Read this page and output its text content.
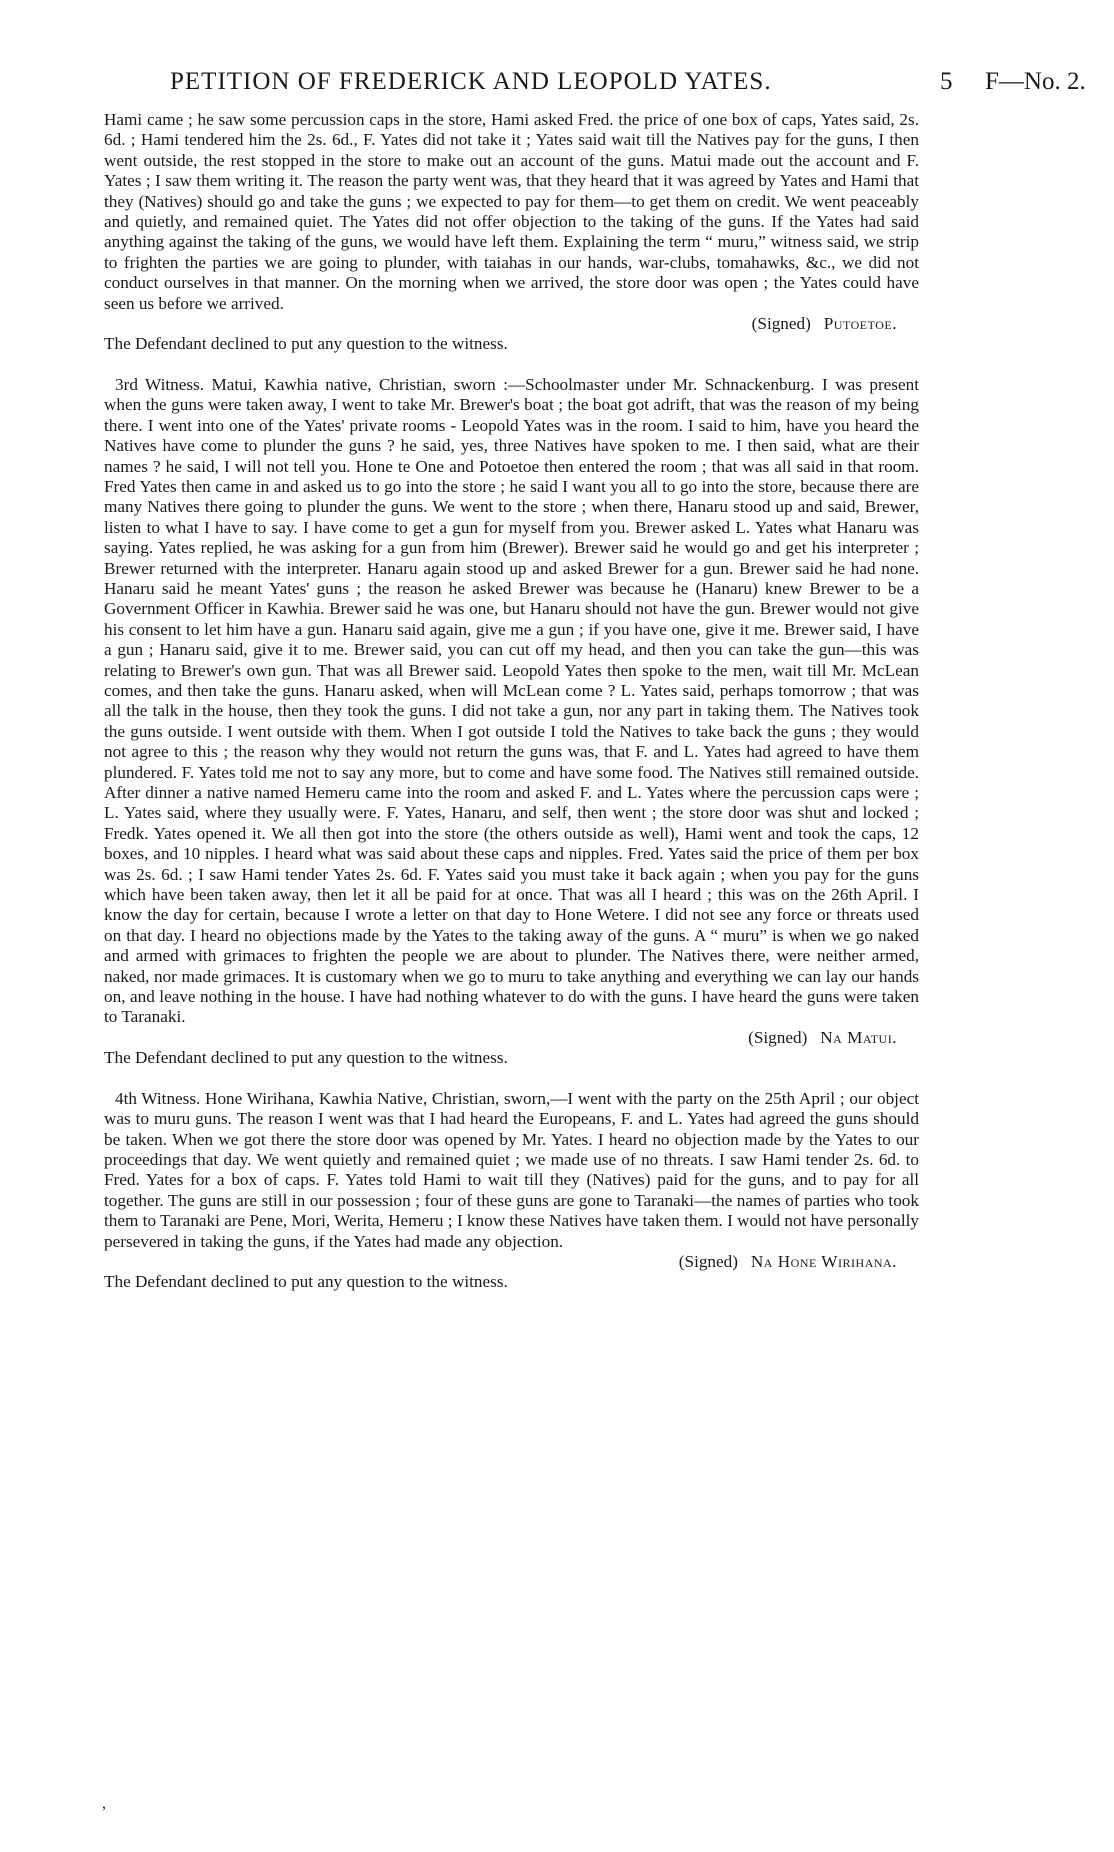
PETITION OF FREDERICK AND LEOPOLD YATES.	5 F—No. 2.

Hami came ; he saw some percussion caps in the store, Hami asked Fred. the price of one box of caps, Yates said, 2s. 6d. ; Hami tendered him the 2s. 6d., F. Yates did not take it ; Yates said wait till the Natives pay for the guns, I then went outside, the rest stopped in the store to make out an account of the guns. Matui made out the account and F. Yates ; I saw them writing it. The reason the party went was, that they heard that it was agreed by Yates and Hami that they (Natives) should go and take the guns ; we expected to pay for them—to get them on credit. We went peaceably and quietly, and remained quiet. The Yates did not offer objection to the taking of the guns. If the Yates had said anything against the taking of the guns, we would have left them. Explaining the term “ muru,” witness said, we strip to frighten the parties we are going to plunder, with taiahas in our hands, war-clubs, tomahawks, &c., we did not conduct ourselves in that manner. On the morning when we arrived, the store door was open ; the Yates could have seen us before we arrived.

(Signed) Putoetoe.

The Defendant declined to put any question to the witness.

3rd Witness. Matui, Kawhia native, Christian, sworn :—Schoolmaster under Mr. Schnackenburg. I was present when the guns were taken away, I went to take Mr. Brewer's boat ; the boat got adrift, that was the reason of my being there. I went into one of the Yates' private rooms - Leopold Yates was in the room. I said to him, have you heard the Natives have come to plunder the guns ? he said, yes, three Natives have spoken to me. I then said, what are their names ? he said, I will not tell you. Hone te One and Potoetoe then entered the room ; that was all said in that room. Fred Yates then came in and asked us to go into the store ; he said I want you all to go into the store, because there are many Natives there going to plunder the guns. We went to the store ; when there, Hanaru stood up and said, Brewer, listen to what I have to say. I have come to get a gun for myself from you. Brewer asked L. Yates what Hanaru was saying. Yates replied, he was asking for a gun from him (Brewer). Brewer said he would go and get his interpreter ; Brewer returned with the interpreter. Hanaru again stood up and asked Brewer for a gun. Brewer said he had none. Hanaru said he meant Yates' guns ; the reason he asked Brewer was because he (Hanaru) knew Brewer to be a Government Officer in Kawhia. Brewer said he was one, but Hanaru should not have the gun. Brewer would not give his consent to let him have a gun. Hanaru said again, give me a gun ; if you have one, give it me. Brewer said, I have a gun ; Hanaru said, give it to me. Brewer said, you can cut off my head, and then you can take the gun—this was relating to Brewer's own gun. That was all Brewer said. Leopold Yates then spoke to the men, wait till Mr. McLean comes, and then take the guns. Hanaru asked, when will McLean come ? L. Yates said, perhaps tomorrow ; that was all the talk in the house, then they took the guns. I did not take a gun, nor any part in taking them. The Natives took the guns outside. I went outside with them. When I got outside I told the Natives to take back the guns ; they would not agree to this ; the reason why they would not return the guns was, that F. and L. Yates had agreed to have them plundered. F. Yates told me not to say any more, but to come and have some food. The Natives still remained outside. After dinner a native named Hemeru came into the room and asked F. and L. Yates where the percussion caps were ; L. Yates said, where they usually were. F. Yates, Hanaru, and self, then went ; the store door was shut and locked ; Fredk. Yates opened it. We all then got into the store (the others outside as well), Hami went and took the caps, 12 boxes, and 10 nipples. I heard what was said about these caps and nipples. Fred. Yates said the price of them per box was 2s. 6d. ; I saw Hami tender Yates 2s. 6d. F. Yates said you must take it back again ; when you pay for the guns which have been taken away, then let it all be paid for at once. That was all I heard ; this was on the 26th April. I know the day for certain, because I wrote a letter on that day to Hone Wetere. I did not see any force or threats used on that day. I heard no objections made by the Yates to the taking away of the guns. A “ muru” is when we go naked and armed with grimaces to frighten the people we are about to plunder. The Natives there, were neither armed, naked, nor made grimaces. It is customary when we go to muru to take anything and everything we can lay our hands on, and leave nothing in the house. I have had nothing whatever to do with the guns. I have heard the guns were taken to Taranaki.

(Signed) Na Matui.

The Defendant declined to put any question to the witness.

4th Witness. Hone Wirihana, Kawhia Native, Christian, sworn,—I went with the party on the 25th April ; our object was to muru guns. The reason I went was that I had heard the Europeans, F. and L. Yates had agreed the guns should be taken. When we got there the store door was opened by Mr. Yates. I heard no objection made by the Yates to our proceedings that day. We went quietly and remained quiet ; we made use of no threats. I saw Hami tender 2s. 6d. to Fred. Yates for a box of caps. F. Yates told Hami to wait till they (Natives) paid for the guns, and to pay for all together. The guns are still in our possession ; four of these guns are gone to Taranaki—the names of parties who took them to Taranaki are Pene, Mori, Werita, Hemeru ; I know these Natives have taken them. I would not have personally persevered in taking the guns, if the Yates had made any objection.

(Signed) Na Hone Wirihana.

The Defendant declined to put any question to the witness.

,
